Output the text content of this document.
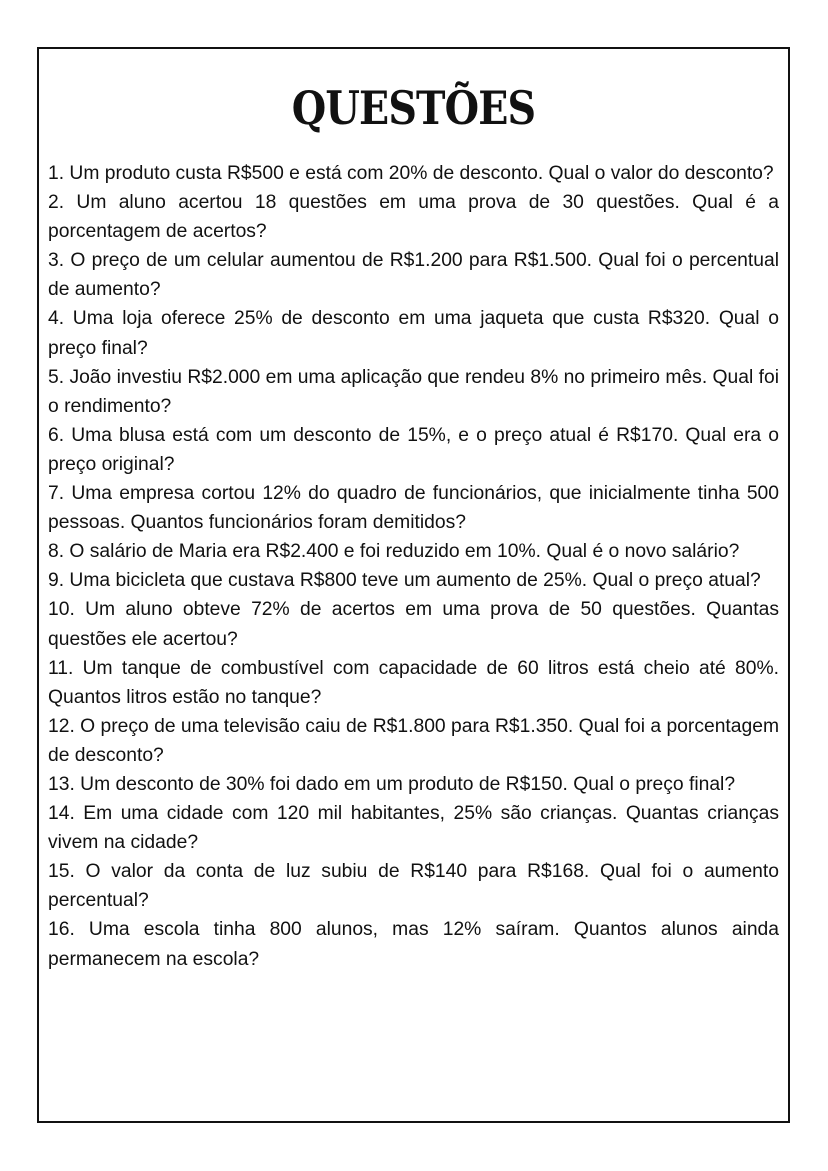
QUESTÕES
1. Um produto custa R$500 e está com 20% de desconto. Qual o valor do desconto?
2. Um aluno acertou 18 questões em uma prova de 30 questões. Qual é a porcentagem de acertos?
3. O preço de um celular aumentou de R$1.200 para R$1.500. Qual foi o percentual de aumento?
4. Uma loja oferece 25% de desconto em uma jaqueta que custa R$320. Qual o preço final?
5. João investiu R$2.000 em uma aplicação que rendeu 8% no primeiro mês. Qual foi o rendimento?
6. Uma blusa está com um desconto de 15%, e o preço atual é R$170. Qual era o preço original?
7. Uma empresa cortou 12% do quadro de funcionários, que inicialmente tinha 500 pessoas. Quantos funcionários foram demitidos?
8. O salário de Maria era R$2.400 e foi reduzido em 10%. Qual é o novo salário?
9. Uma bicicleta que custava R$800 teve um aumento de 25%. Qual o preço atual?
10. Um aluno obteve 72% de acertos em uma prova de 50 questões. Quantas questões ele acertou?
11. Um tanque de combustível com capacidade de 60 litros está cheio até 80%. Quantos litros estão no tanque?
12. O preço de uma televisão caiu de R$1.800 para R$1.350. Qual foi a porcentagem de desconto?
13. Um desconto de 30% foi dado em um produto de R$150. Qual o preço final?
14. Em uma cidade com 120 mil habitantes, 25% são crianças. Quantas crianças vivem na cidade?
15. O valor da conta de luz subiu de R$140 para R$168. Qual foi o aumento percentual?
16. Uma escola tinha 800 alunos, mas 12% saíram. Quantos alunos ainda permanecem na escola?
